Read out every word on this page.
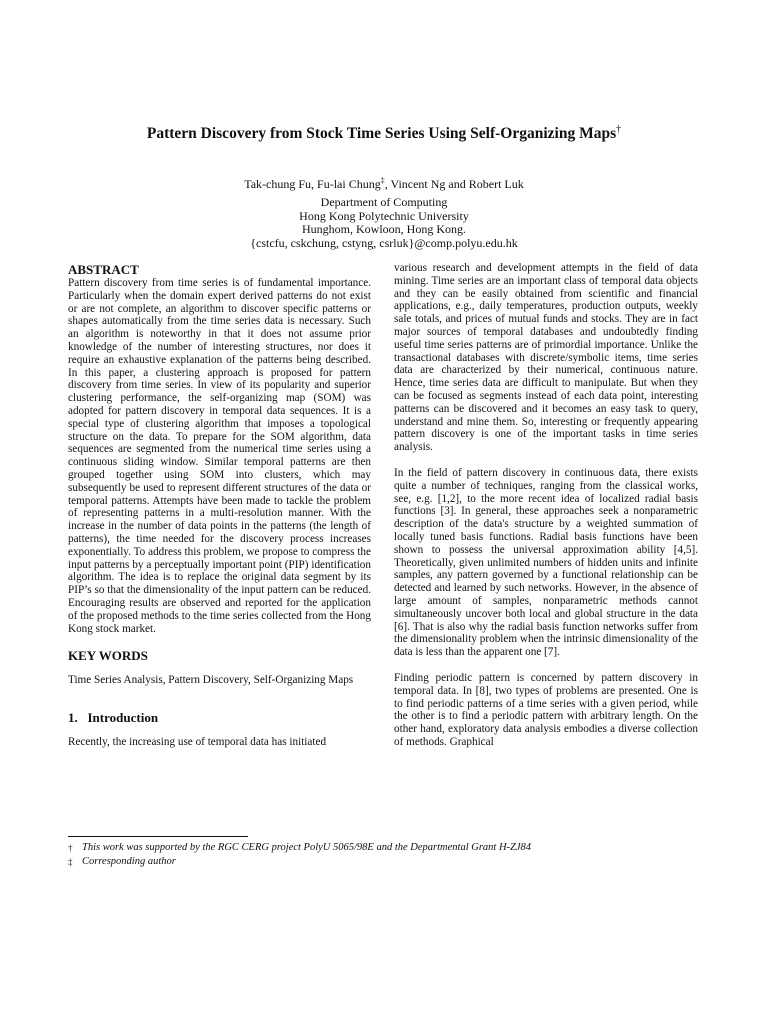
Pattern Discovery from Stock Time Series Using Self-Organizing Maps†
Tak-chung Fu, Fu-lai Chung‡, Vincent Ng and Robert Luk
Department of Computing
Hong Kong Polytechnic University
Hunghom, Kowloon, Hong Kong.
{cstcfu, cskchung, cstyng, csrluk}@comp.polyu.edu.hk
ABSTRACT

Pattern discovery from time series is of fundamental importance. Particularly when the domain expert derived patterns do not exist or are not complete, an algorithm to discover specific patterns or shapes automatically from the time series data is necessary. Such an algorithm is noteworthy in that it does not assume prior knowledge of the number of interesting structures, nor does it require an exhaustive explanation of the patterns being described. In this paper, a clustering approach is proposed for pattern discovery from time series. In view of its popularity and superior clustering performance, the self-organizing map (SOM) was adopted for pattern discovery in temporal data sequences. It is a special type of clustering algorithm that imposes a topological structure on the data. To prepare for the SOM algorithm, data sequences are segmented from the numerical time series using a continuous sliding window. Similar temporal patterns are then grouped together using SOM into clusters, which may subsequently be used to represent different structures of the data or temporal patterns. Attempts have been made to tackle the problem of representing patterns in a multi-resolution manner. With the increase in the number of data points in the patterns (the length of patterns), the time needed for the discovery process increases exponentially. To address this problem, we propose to compress the input patterns by a perceptually important point (PIP) identification algorithm. The idea is to replace the original data segment by its PIP’s so that the dimensionality of the input pattern can be reduced. Encouraging results are observed and reported for the application of the proposed methods to the time series collected from the Hong Kong stock market.

KEY WORDS

Time Series Analysis, Pattern Discovery, Self-Organizing Maps

1.   Introduction

Recently, the increasing use of temporal data has initiated

various research and development attempts in the field of data mining. Time series are an important class of temporal data objects and they can be easily obtained from scientific and financial applications, e.g., daily temperatures, production outputs, weekly sale totals, and prices of mutual funds and stocks. They are in fact major sources of temporal databases and undoubtedly finding useful time series patterns are of primordial importance. Unlike the transactional databases with discrete/symbolic items, time series data are characterized by their numerical, continuous nature. Hence, time series data are difficult to manipulate. But when they can be focused as segments instead of each data point, interesting patterns can be discovered and it becomes an easy task to query, understand and mine them. So, interesting or frequently appearing pattern discovery is one of the important tasks in time series analysis.

In the field of pattern discovery in continuous data, there exists quite a number of techniques, ranging from the classical works, see, e.g. [1,2], to the more recent idea of localized radial basis functions [3]. In general, these approaches seek a nonparametric description of the data's structure by a weighted summation of locally tuned basis functions. Radial basis functions have been shown to possess the universal approximation ability [4,5]. Theoretically, given unlimited numbers of hidden units and infinite samples, any pattern governed by a functional relationship can be detected and learned by such networks. However, in the absence of large amount of samples, nonparametric methods cannot simultaneously uncover both local and global structure in the data [6]. That is also why the radial basis function networks suffer from the dimensionality problem when the intrinsic dimensionality of the data is less than the apparent one [7].

Finding periodic pattern is concerned by pattern discovery in temporal data. In [8], two types of problems are presented. One is to find periodic patterns of a time series with a given period, while the other is to find a periodic pattern with arbitrary length. On the other hand, exploratory data analysis embodies a diverse collection of methods. Graphical

† This work was supported by the RGC CERG project PolyU 5065/98E and the Departmental Grant H-ZJ84
‡ Corresponding author
